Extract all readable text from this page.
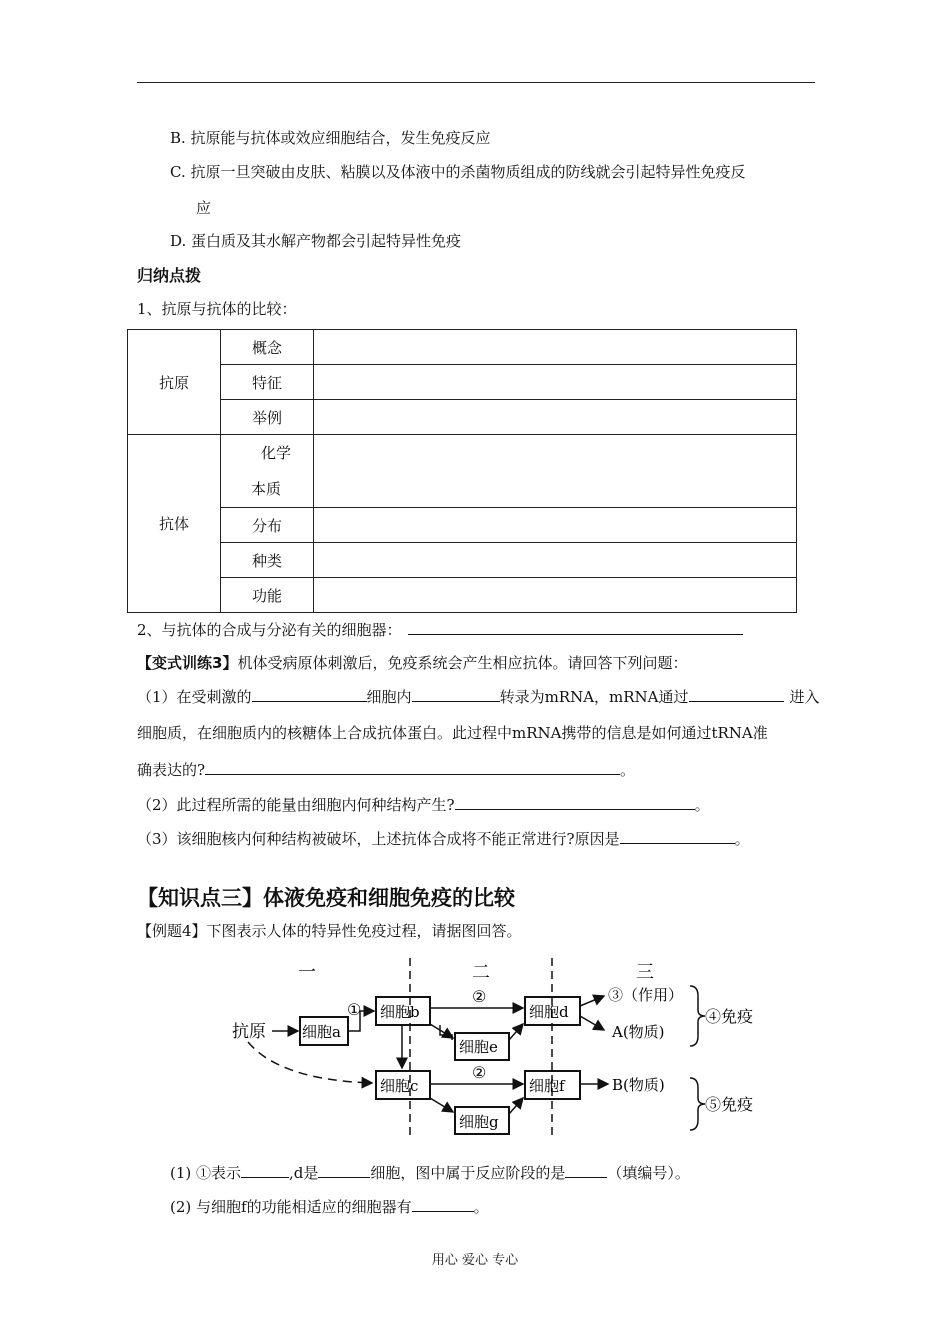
B. 抗原能与抗体或效应细胞结合，发生免疫反应
C. 抗原一旦突破由皮肤、粘膜以及体液中的杀菌物质组成的防线就会引起特异性免疫反
应
D. 蛋白质及其水解产物都会引起特异性免疫
归纳点拨
1、抗原与抗体的比较：
抗原	概念	
	特征	
	举例	
抗体	化学
本质	

	分布	
	种类	
	功能	
2、与抗体的合成与分泌有关的细胞器：
【变式训练3】机体受病原体刺激后，免疫系统会产生相应抗体。请回答下列问题：
（1）在受刺激的	细胞内	转录为mRNA，mRNA通过	进入
细胞质，在细胞质内的核糖体上合成抗体蛋白。此过程中mRNA携带的信息是如何通过tRNA准
确表达的?	。
（2）此过程所需的能量由细胞内何种结构产生?	。
（3）该细胞核内何种结构被破坏，上述抗体合成将不能正常进行?原因是	。
【知识点三】体液免疫和细胞免疫的比较
【例题4】下图表示人体的特异性免疫过程，请据图回答。
一	二	三
抗原 细胞a
① 细胞b
②
细胞e
细胞d
③（作用）
A(物质)
④免疫
细胞c
②
细胞g
细胞f	B(物质)
⑤免疫
(1) ①表示	,d是	细胞，图中属于反应阶段的是	（填编号）。
(2) 与细胞f的功能相适应的细胞器有	。
用心 爱心 专心
